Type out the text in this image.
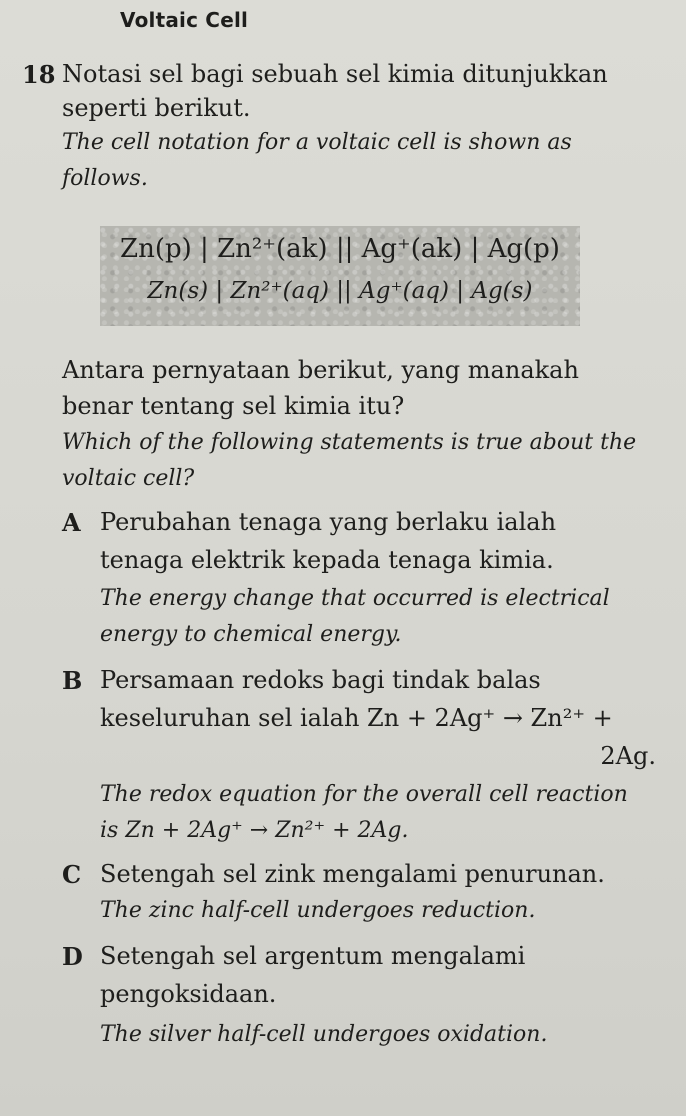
Voltaic Cell
18 Notasi sel bagi sebuah sel kimia ditunjukkan
seperti berikut.
The cell notation for a voltaic cell is shown as
follows.
Zn(p) | Zn²⁺(ak) || Ag⁺(ak) | Ag(p)
Zn(s) | Zn²⁺(aq) || Ag⁺(aq) | Ag(s)
Antara pernyataan berikut, yang manakah
benar tentang sel kimia itu?
Which of the following statements is true about the
voltaic cell?
A Perubahan tenaga yang berlaku ialah
tenaga elektrik kepada tenaga kimia.
The energy change that occurred is electrical
energy to chemical energy.
B Persamaan redoks bagi tindak balas
keseluruhan sel ialah Zn + 2Ag⁺ → Zn²⁺ +
2Ag.
The redox equation for the overall cell reaction
is Zn + 2Ag⁺ → Zn²⁺ + 2Ag.
C Setengah sel zink mengalami penurunan.
The zinc half-cell undergoes reduction.
D Setengah sel argentum mengalami
pengoksidaan.
The silver half-cell undergoes oxidation.
